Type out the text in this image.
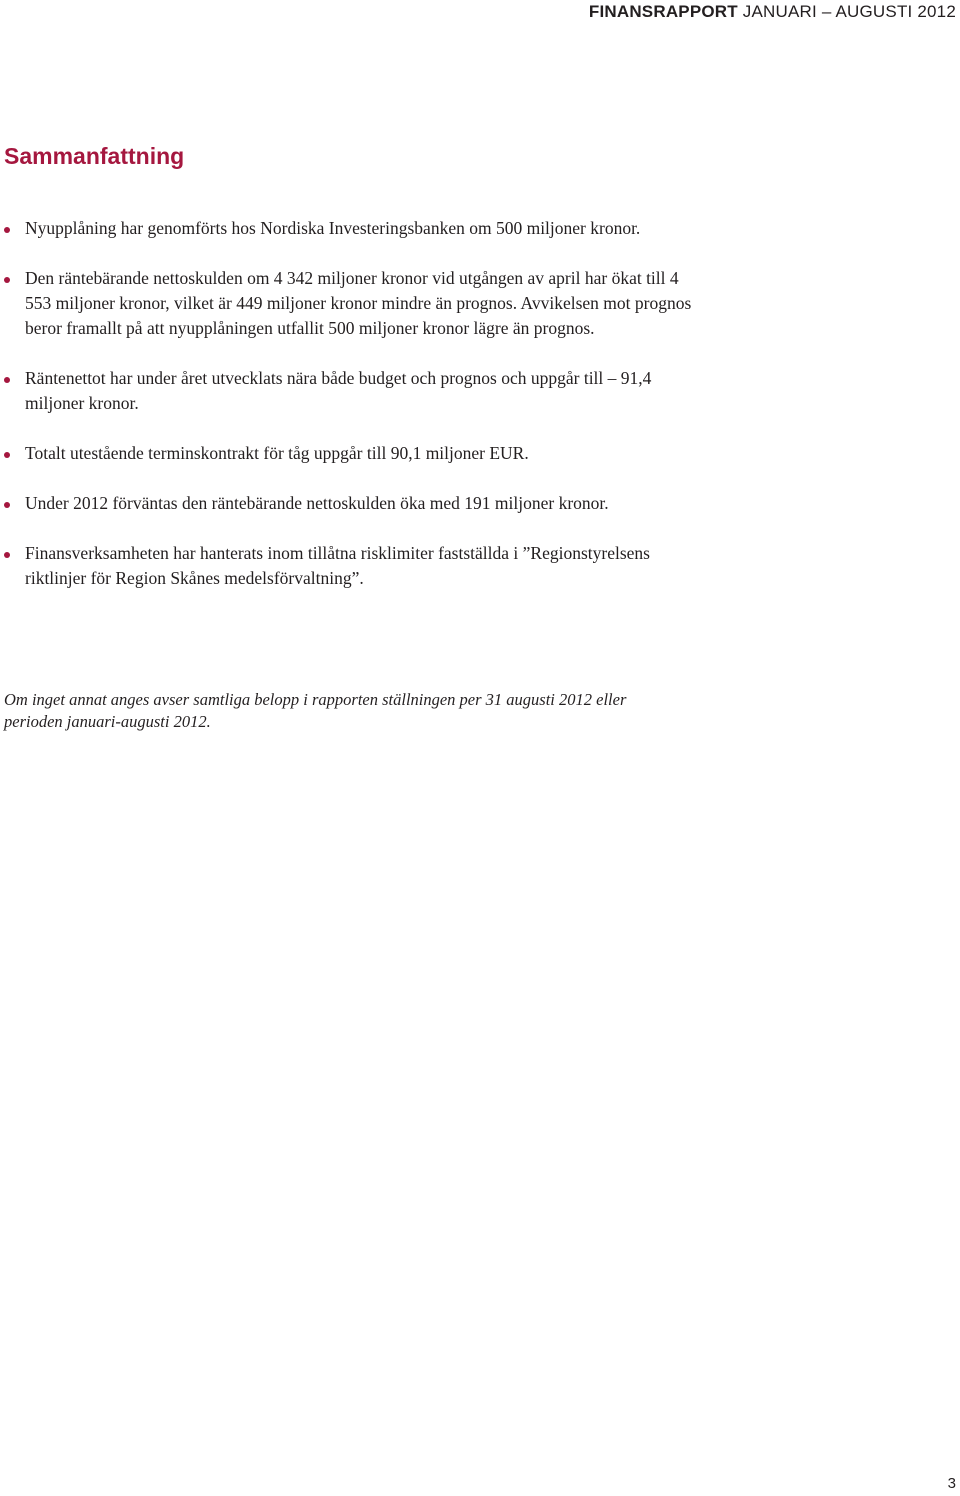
FINANSRAPPORT JANUARI – AUGUSTI 2012
Sammanfattning
Nyupplåning har genomförts hos Nordiska Investeringsbanken om 500 miljoner kronor.
Den räntebärande nettoskulden om 4 342 miljoner kronor vid utgången av april har ökat till 4 553 miljoner kronor, vilket är 449 miljoner kronor mindre än prognos. Avvikelsen mot prognos beror framallt på att nyupplåningen utfallit 500 miljoner kronor lägre än prognos.
Räntenettot har under året utvecklats nära både budget och prognos och uppgår till – 91,4 miljoner kronor.
Totalt utestående terminskontrakt för tåg uppgår till 90,1 miljoner EUR.
Under 2012 förväntas den räntebärande nettoskulden öka med 191 miljoner kronor.
Finansverksamheten har hanterats inom tillåtna risklimiter fastställda i ”Regionstyrelsens riktlinjer för Region Skånes medelsförvaltning”.

Om inget annat anges avser samtliga belopp i rapporten ställningen per 31 augusti 2012 eller perioden januari-augusti 2012.

3
